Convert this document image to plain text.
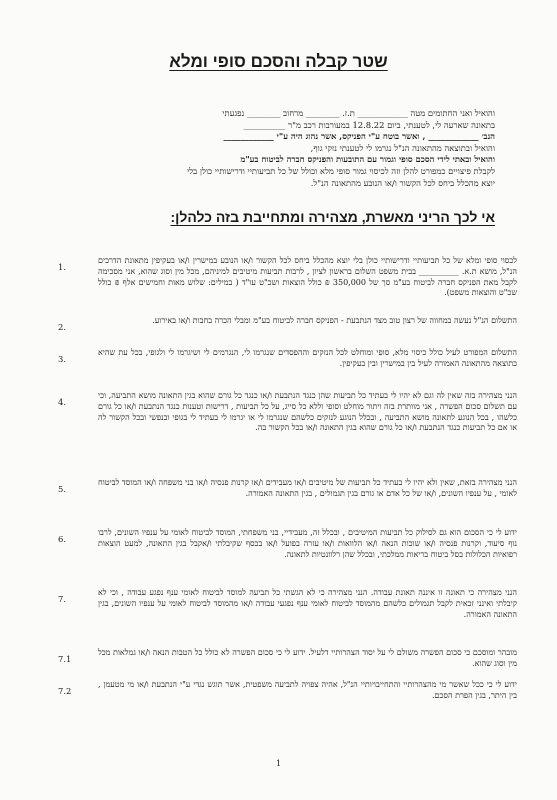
שטר קבלה והסכם סופי ומלא

והואיל ואני החתומים מטה ____________ ת.ז. ________ מרחוב ________ נפגעתי

בתאונה שארעה לי, לטענתי, ביום 12.8.22 במעורבות רכב מ"ר __________

הנב׳ ____________ , ואשר בוטח ע"י הפניקס, אשר נהוג היה ע"י ____________

והואיל ובתוצאה מהתאונה הנ"ל נגרמו לי לטענתי נזקי גוף,

והואיל ובאתי לידי הסכם סופי וגמור עם התובעות והפניקס חברה לביטוח בע"מ

לקבלת פיצויים כמפורט להלן וזה לכיסוי גמור סופי מלא וכולל של כל תביעותיי ודרישותיי כולן בלי

יוצא מהכלל ביחס לכל הקשור ו/או הנובע מהתאונה הנ"ל.

אי לכך הריני מאשרת, מצהירה ומתחייבת בזה כלהלן:
לכסוי סופי ומלא של כל תביעותיי ודרישותיי כולן בלי יוצא מהכלל ביחס לכל הקשור ו/או הנובע במישרין ו/או בעקיפין מתאונת הדרכים הנ"ל, מושא ת.א. __________ בבית משפט השלום בראשון לציון , לרבות תביעות מיטיבים למיניהם, מכל מין וסוג שהוא, אני מסכימה לקבל מאת הפניקס חברה לביטוח בע"מ סך של 350,000 ₪ כולל הוצאות ושכ"ט עו"ד ( במילים: שלוש מאות וחמישים אלף ₪ כולל שכ"ט והוצאות משפט).
1.
התשלום הנ"ל נעשה במחווה של רצון טוב מצד הנתבעת - הפניקס חברה לביטוח בע"מ ומבלי הכרה בחבות ו/או באירוע.
2.
התשלום המפורט לעיל כולל כיסוי מלא, סופי ומוחלט לכל הנזקים וההפסדים שנגרמו לי, הנגרמים לי ושיגרמו לי ולגופי, בכל עת שהיא כתוצאה מהתאונה האמורה לעיל בין במישרין ובין בעקיפין.
3.
הנני מצהירה בזה שאין לה וגם לא יהיו לי בעתיד כל תביעות שהן כנגד הנתבעת ו/או כנגד כל גורם שהוא בגין התאונה מושא התביעה, וכי עם תשלום סכום הפשרה , אני מוותרת בזה ויתור מוחלט וסופי וללא כל סייג, על כל תביעות , דרישות וטענות כנגד הנתבעת ו/או כל גורם כלשהו , בכל הנוגע לתאונה מושא התביעה , ובכלל הנוגע לנזקים כלשהם שנגרמו לי או יגרמו לי בעתיד לי בגופי ובנפשי ובכל הקשור לה או אם כל תביעות כנגד הנתבעת ו/או כל גורם שהוא בגין התאונה ו/או בכל הקשור בה.
4.
הנני מצהירה בזאת, שאין ולא יהיו לי בעתיד כל תביעות של מיטיבים ו/או מעבידים ו/או קרנות פנסיה ו/או בני משפחה ו/או המוסד לביטוח לאומי , על ענפיו השונים, ו/או של כל אדם או גורם בגין תגמולים , בגין התאונה האמורה.
5.
ידוע לי כי הסכום הוא גם לסילוק כל תביעות המיטיבים , ובכלל זה, מעבידיי, בני משפחתי, המוסד לביטוח לאומי על ענפיו השונים, לרבו נוף סיעוד, וקרנות פנסיה ו/או שוכות הנאה ו/או הלוואות ו/או עזרה בפועל ו/או בכסף שקיבלתי ו/אקבל בגין התאונה, למעט הוצאות רפואיות הכלולות בסל ביטוח בריאות ממלכתי, ובכלל שהן רלוונטיות לתאונה.
6.
הנני מצהירה כי תאונה זו איננה תאונת עבודה. הנני מצהירה כי לא הגשתי כל תביעה למוסד לביטוח לאומי ענף נפגע עבודה , וכי לא קיבלתי ואינני זכאית לקבל תגמולים כלשהם מהמוסד לביטוח לאומי ענף נפגעי עבודה ו/או מהמוסד לביטוח לאומי על ענפיו השונים, בגין התאונה האמורה.
7.
מובהר ומוסכם כי סכום הפשרה משולם לי על יסוד הצהרותיי דלעיל. ידוע לי כי סכום הפשרה לא כולל כל הטבות הנאה ו/או גמלאות מכל מין וסוג שהוא.
7.1
ידוע לי כי ככל שאשר מי מהצהרותיי והתחייבויותיי הנ"ל, אהיה צפויה לתביעה משפטית, אשר תוגש נגדי ע"י הנתבעת ו/או מי מטעמן , בין היתר, בגין הפרת הסכם.
7.2
1
